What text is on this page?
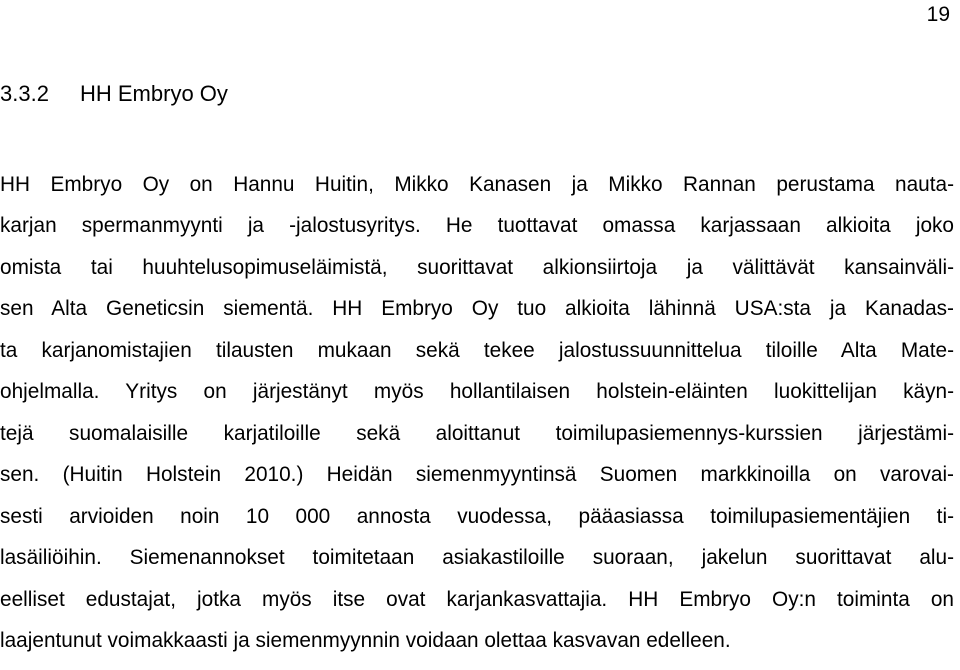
19
3.3.2 HH Embryo Oy
HH Embryo Oy on Hannu Huitin, Mikko Kanasen ja Mikko Rannan perustama nauta-
karjan spermanmyynti ja -jalostusyritys. He tuottavat omassa karjassaan alkioita joko
omista tai huuhtelusopimuseläimistä, suorittavat alkionsiirtoja ja välittävät kansainväli-
sen Alta Geneticsin siementä. HH Embryo Oy tuo alkioita lähinnä USA:sta ja Kanadas-
ta karjanomistajien tilausten mukaan sekä tekee jalostussuunnittelua tiloille Alta Mate-
ohjelmalla. Yritys on järjestänyt myös hollantilaisen holstein-eläinten luokittelijan käyn-
tejä suomalaisille karjatiloille sekä aloittanut toimilupasiemennys-kurssien järjestämi-
sen. (Huitin Holstein 2010.) Heidän siemenmyyntinsä Suomen markkinoilla on varovai-
sesti arvioiden noin 10 000 annosta vuodessa, pääasiassa toimilupasiementäjien ti-
lasäiliöihin. Siemenannokset toimitetaan asiakastiloille suoraan, jakelun suorittavat alu-
eelliset edustajat, jotka myös itse ovat karjankasvattajia. HH Embryo Oy:n toiminta on
laajentunut voimakkaasti ja siemenmyynnin voidaan olettaa kasvavan edelleen.
